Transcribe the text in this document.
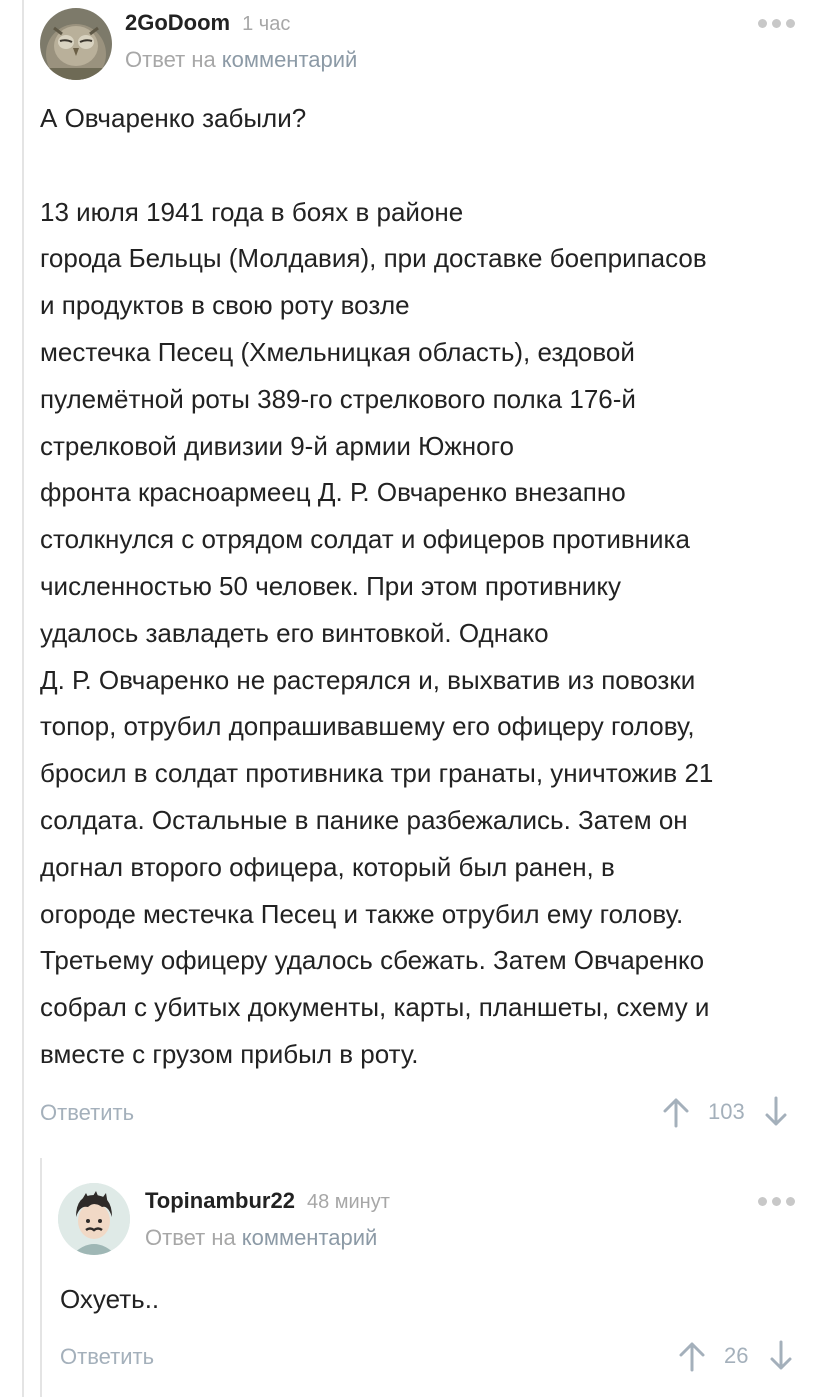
2GoDoom 1 час
Ответ на комментарий

А Овчаренко забыли?

13 июля 1941 года в боях в районе

города Бельцы (Молдавия), при доставке боеприпасов

и продуктов в свою роту возле

местечка Песец (Хмельницкая область), ездовой

пулемётной роты 389-го стрелкового полка 176-й

стрелковой дивизии 9-й армии Южного

фронта красноармеец Д. Р. Овчаренко внезапно

столкнулся с отрядом солдат и офицеров противника

численностью 50 человек. При этом противнику

удалось завладеть его винтовкой. Однако

Д. Р. Овчаренко не растерялся и, выхватив из повозки

топор, отрубил допрашивавшему его офицеру голову,

бросил в солдат противника три гранаты, уничтожив 21

солдата. Остальные в панике разбежались. Затем он

догнал второго офицера, который был ранен, в

огороде местечка Песец и также отрубил ему голову.

Третьему офицеру удалось сбежать. Затем Овчаренко

собрал с убитых документы, карты, планшеты, схему и

вместе с грузом прибыл в роту.

Ответить	103
Topinambur22 48 минут
Ответ на комментарий

Охуеть..

Ответить	26
